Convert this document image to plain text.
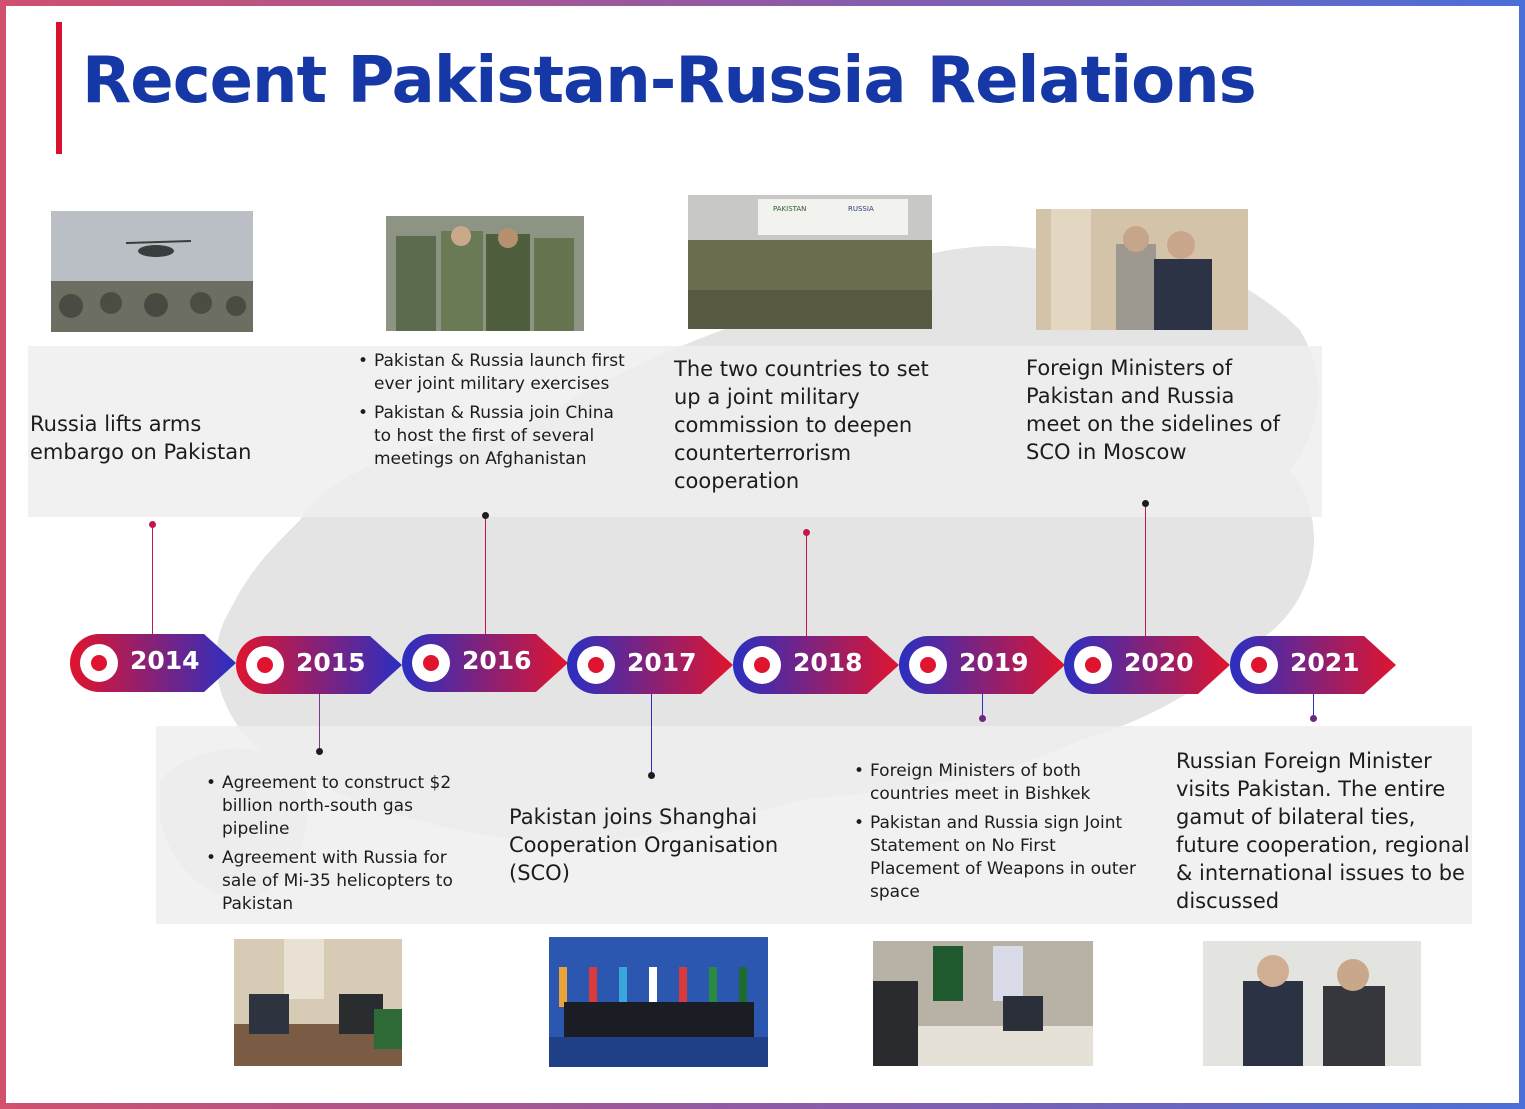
Recent Pakistan-Russia Relations
PAKISTAN	RUSSIA
Russia lifts arms embargo on Pakistan
• Pakistan & Russia launch first ever joint military exercises
• Pakistan & Russia join China to host the first of several meetings on Afghanistan
The two countries to set up a joint military commission to deepen counterterrorism cooperation
Foreign Ministers of Pakistan and Russia meet on the sidelines of SCO in Moscow
• Agreement to construct $2 billion north-south gas pipeline
• Agreement with Russia for sale of Mi-35 helicopters to Pakistan
Pakistan joins Shanghai Cooperation Organisation (SCO)
• Foreign Ministers of both countries meet in Bishkek
• Pakistan and Russia sign Joint Statement on No First Placement of Weapons in outer space
Russian Foreign Minister visits Pakistan. The entire gamut of bilateral ties, future cooperation, regional & international issues to be discussed
2014	2015	2016	2017	2018	2019	2020	2021
